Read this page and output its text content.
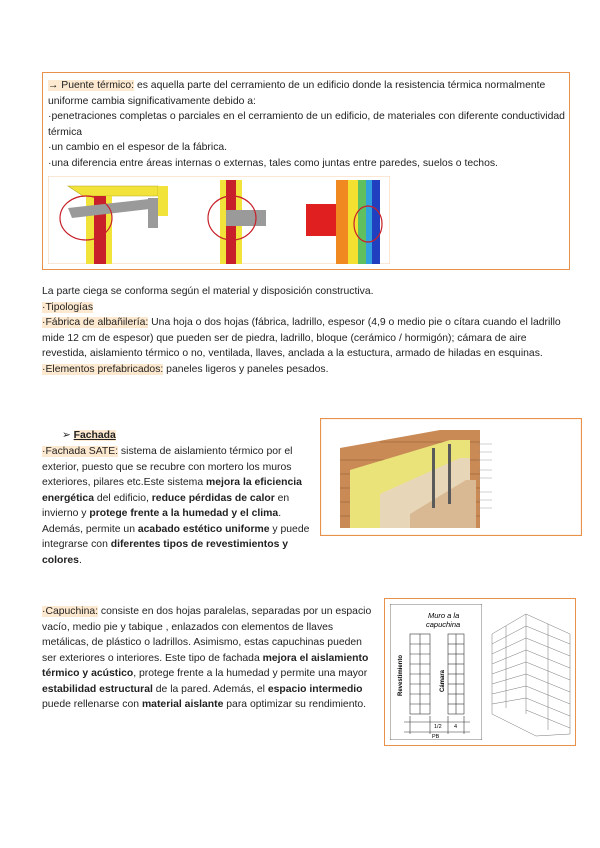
→ Puente térmico: es aquella parte del cerramiento de un edificio donde la resistencia térmica normalmente uniforme cambia significativamente debido a:

·penetraciones completas o parciales en el cerramiento de un edificio, de materiales con diferente conductividad térmica

·un cambio en el espesor de la fábrica.

·una diferencia entre áreas internas o externas, tales como juntas entre paredes, suelos o techos.

La parte ciega se conforma según el material y disposición constructiva.

·Tipologías

·Fábrica de albañilería: Una hoja o dos hojas (fábrica, ladrillo, espesor (4,9 o medio pie o cítara cuando el ladrillo mide 12 cm de espesor) que pueden ser de piedra, ladrillo, bloque (cerámico / hormigón); cámara de aire revestida, aislamiento térmico o no, ventilada, llaves, anclada a la estuctura, armado de hiladas en esquinas.

·Elementos prefabricados: paneles ligeros y paneles pesados.

➢ Fachada

·Fachada SATE: sistema de aislamiento térmico por el exterior, puesto que se recubre con mortero los muros exteriores, pilares etc.Este sistema mejora la eficiencia energética del edificio, reduce pérdidas de calor en invierno y protege frente a la humedad y el clima. Además, permite un acabado estético uniforme y puede integrarse con diferentes tipos de revestimientos y colores.

·Capuchina: consiste en dos hojas paralelas, separadas por un espacio vacío, medio pie y tabique , enlazados con elementos de llaves metálicas, de plástico o ladrillos. Asimismo, estas capuchinas pueden ser exteriores o interiores. Este tipo de fachada mejora el aislamiento térmico y acústico, protege frente a la humedad y permite una mayor estabilidad estructural de la pared. Además, el espacio intermedio puede rellenarse con material aislante para optimizar su rendimiento.

Muro a la
capuchina
Revestimiento	Cámara
1/2 4
PB
